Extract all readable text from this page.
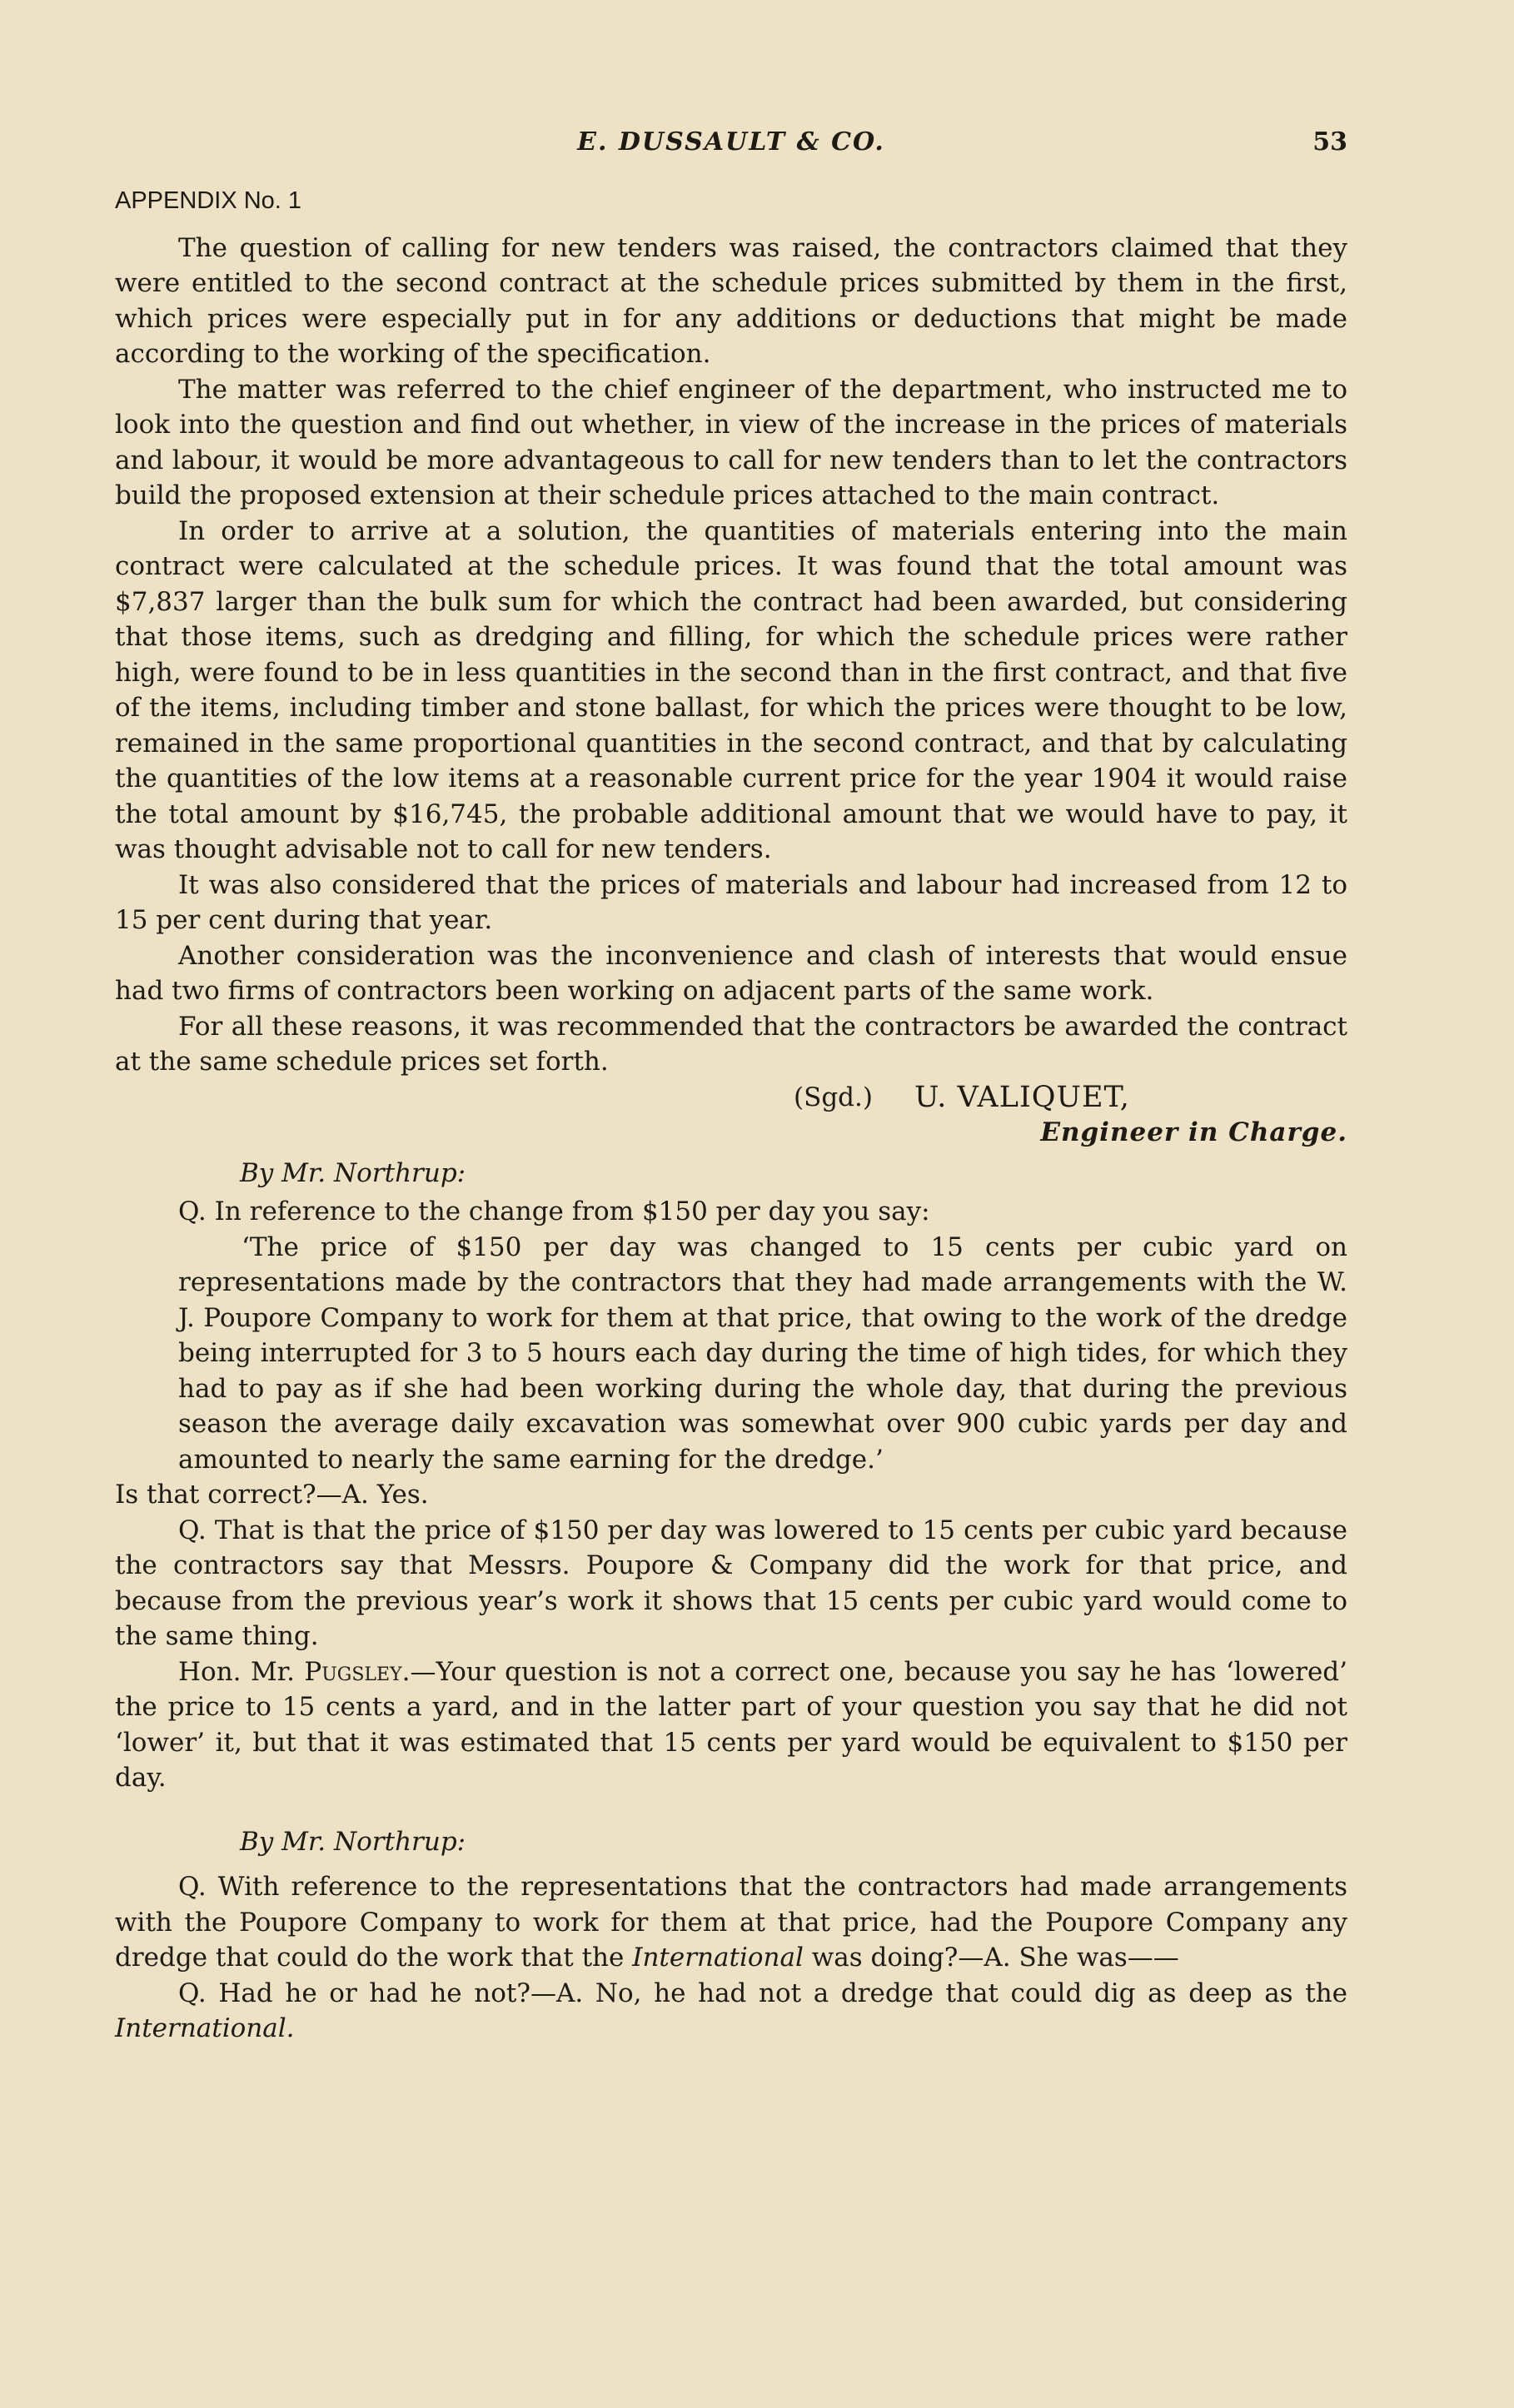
E. DUSSAULT & CO.	53
APPENDIX No. 1

The question of calling for new tenders was raised, the contractors claimed that they were entitled to the second contract at the schedule prices submitted by them in the first, which prices were especially put in for any additions or deductions that might be made according to the working of the specification.

The matter was referred to the chief engineer of the department, who instructed me to look into the question and find out whether, in view of the increase in the prices of materials and labour, it would be more advantageous to call for new tenders than to let the contractors build the proposed extension at their schedule prices attached to the main contract.

In order to arrive at a solution, the quantities of materials entering into the main contract were calculated at the schedule prices. It was found that the total amount was $7,837 larger than the bulk sum for which the contract had been awarded, but considering that those items, such as dredging and filling, for which the schedule prices were rather high, were found to be in less quantities in the second than in the first contract, and that five of the items, including timber and stone ballast, for which the prices were thought to be low, remained in the same proportional quantities in the second contract, and that by calculating the quantities of the low items at a reasonable current price for the year 1904 it would raise the total amount by $16,745, the probable additional amount that we would have to pay, it was thought advisable not to call for new tenders.

It was also considered that the prices of materials and labour had increased from 12 to 15 per cent during that year.

Another consideration was the inconvenience and clash of interests that would ensue had two firms of contractors been working on adjacent parts of the same work.

For all these reasons, it was recommended that the contractors be awarded the contract at the same schedule prices set forth.

(Sgd.) U. VALIQUET,
Engineer in Charge.
By Mr. Northrup:

Q. In reference to the change from $150 per day you say:

‘The price of $150 per day was changed to 15 cents per cubic yard on representations made by the contractors that they had made arrangements with the W. J. Poupore Company to work for them at that price, that owing to the work of the dredge being interrupted for 3 to 5 hours each day during the time of high tides, for which they had to pay as if she had been working during the whole day, that during the previous season the average daily excavation was somewhat over 900 cubic yards per day and amounted to nearly the same earning for the dredge.’

Is that correct?—A. Yes.

Q. That is that the price of $150 per day was lowered to 15 cents per cubic yard because the contractors say that Messrs. Poupore & Company did the work for that price, and because from the previous year’s work it shows that 15 cents per cubic yard would come to the same thing.

Hon. Mr. Pugsley.—Your question is not a correct one, because you say he has ‘lowered’ the price to 15 cents a yard, and in the latter part of your question you say that he did not ‘lower’ it, but that it was estimated that 15 cents per yard would be equivalent to $150 per day.

By Mr. Northrup:

Q. With reference to the representations that the contractors had made arrangements with the Poupore Company to work for them at that price, had the Poupore Company any dredge that could do the work that the International was doing?—A. She was——

Q. Had he or had he not?—A. No, he had not a dredge that could dig as deep as the International.
